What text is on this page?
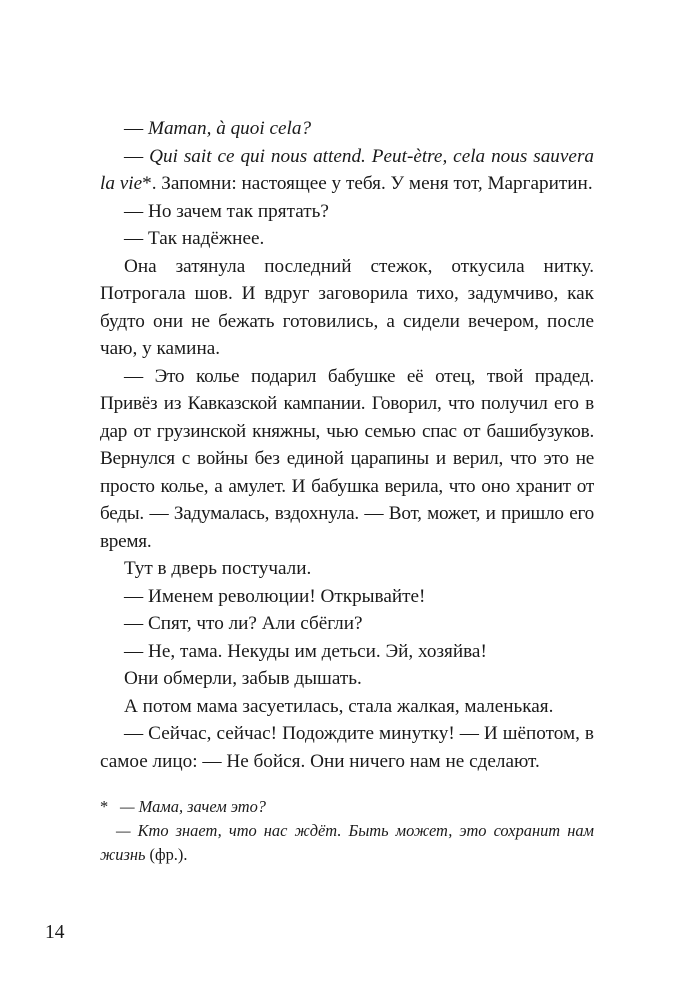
— Maman, à quoi cela?

— Qui sait ce qui nous attend. Peut-ètre, cela nous sauvera la vie*. Запомни: настоящее у тебя. У меня тот, Маргаритин.

— Но зачем так прятать?

— Так надёжнее.

Она затянула последний стежок, откусила нитку. Потрогала шов. И вдруг заговорила тихо, задумчиво, как будто они не бежать готовились, а сидели вечером, после чаю, у камина.

— Это колье подарил бабушке её отец, твой прадед. Привёз из Кавказской кампании. Говорил, что получил его в дар от грузинской княжны, чью семью спас от башибузуков. Вернулся с войны без единой царапины и верил, что это не просто колье, а амулет. И бабушка верила, что оно хранит от беды. — Задумалась, вздохнула. — Вот, может, и пришло его время.

Тут в дверь постучали.

— Именем революции! Открывайте!

— Спят, что ли? Али сбёгли?

— Не, тама. Некуды им детьси. Эй, хозяйва!

Они обмерли, забыв дышать.

А потом мама засуетилась, стала жалкая, маленькая.

— Сейчас, сейчас! Подождите минутку! — И шёпотом, в самое лицо: — Не бойся. Они ничего нам не сделают.

* — Мама, зачем это?

— Кто знает, что нас ждёт. Быть может, это сохранит нам жизнь (фр.).

14
